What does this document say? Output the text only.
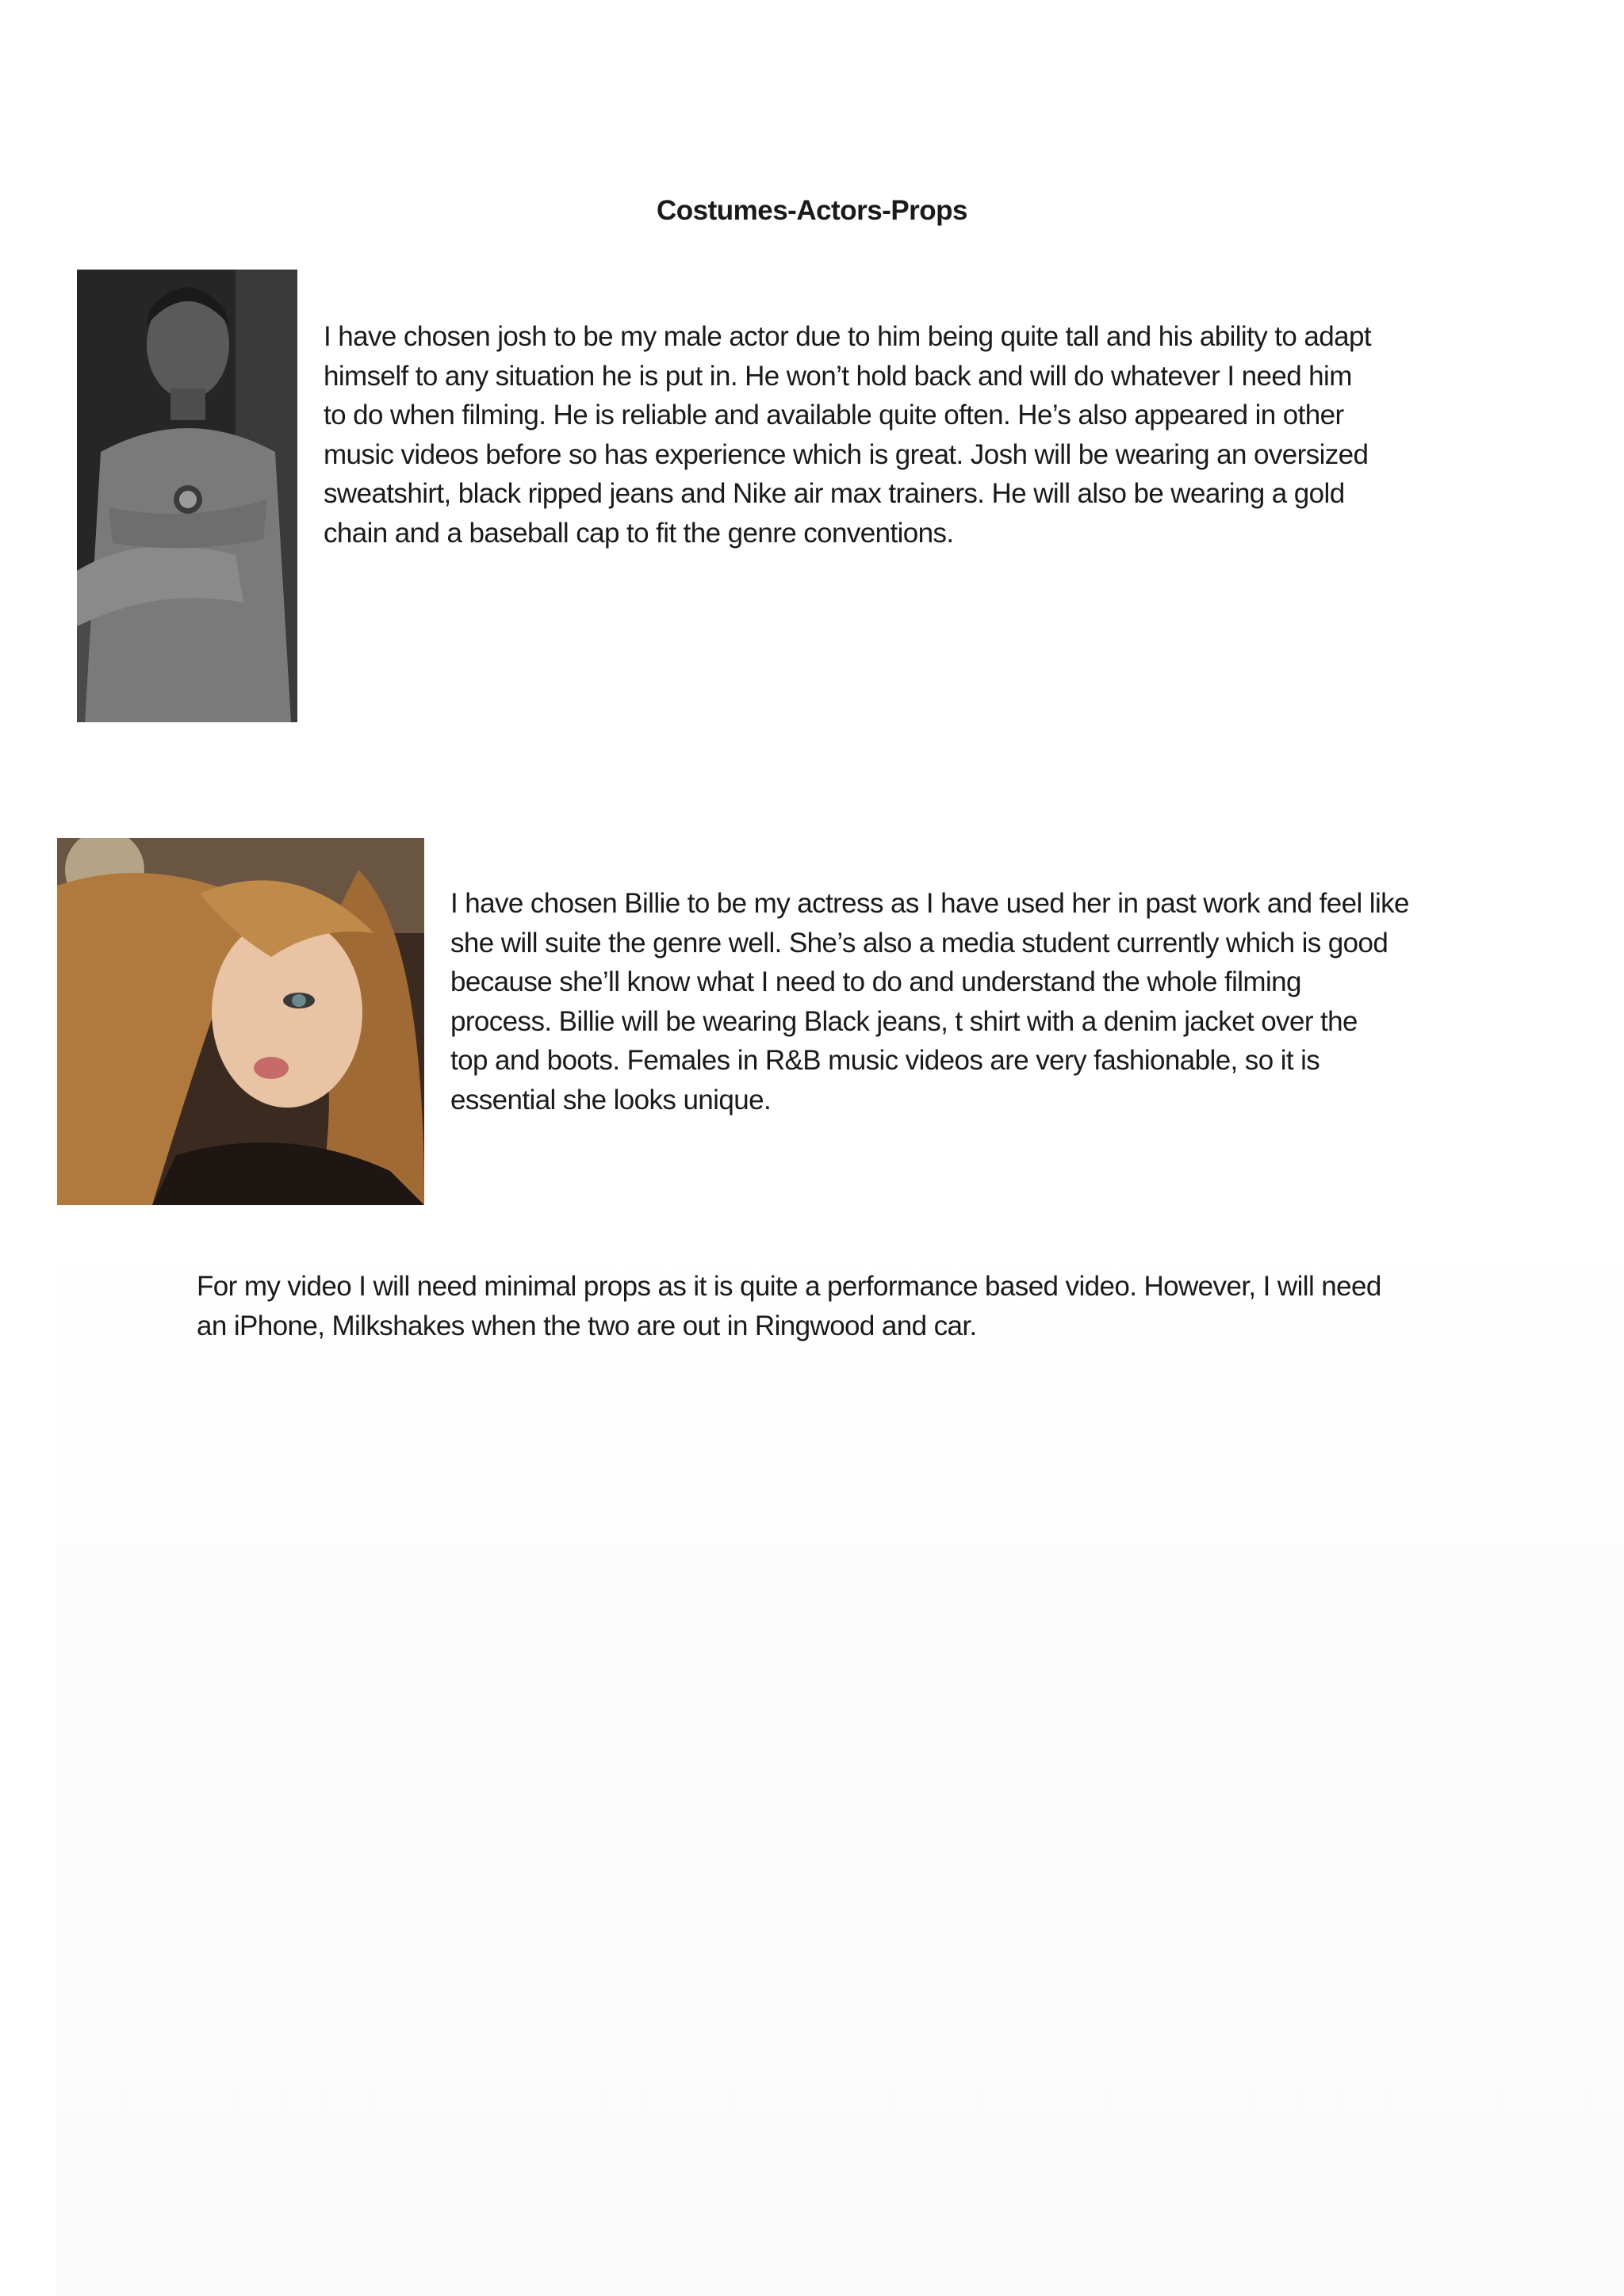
Costumes-Actors-Props

I have chosen josh to be my male actor due to him being quite tall and his ability to adapt
himself to any situation he is put in. He won’t hold back and will do whatever I need him
to do when filming. He is reliable and available quite often. He’s also appeared in other
music videos before so has experience which is great. Josh will be wearing an oversized
sweatshirt, black ripped jeans and Nike air max trainers. He will also be wearing a gold
chain and a baseball cap to fit the genre conventions.

I have chosen Billie to be my actress as I have used her in past work and feel like
she will suite the genre well. She’s also a media student currently which is good
because she’ll know what I need to do and understand the whole filming
process. Billie will be wearing Black jeans, t shirt with a denim jacket over the
top and boots. Females in R&B music videos are very fashionable, so it is
essential she looks unique.

For my video I will need minimal props as it is quite a performance based video. However, I will need
an iPhone, Milkshakes when the two are out in Ringwood and car.
